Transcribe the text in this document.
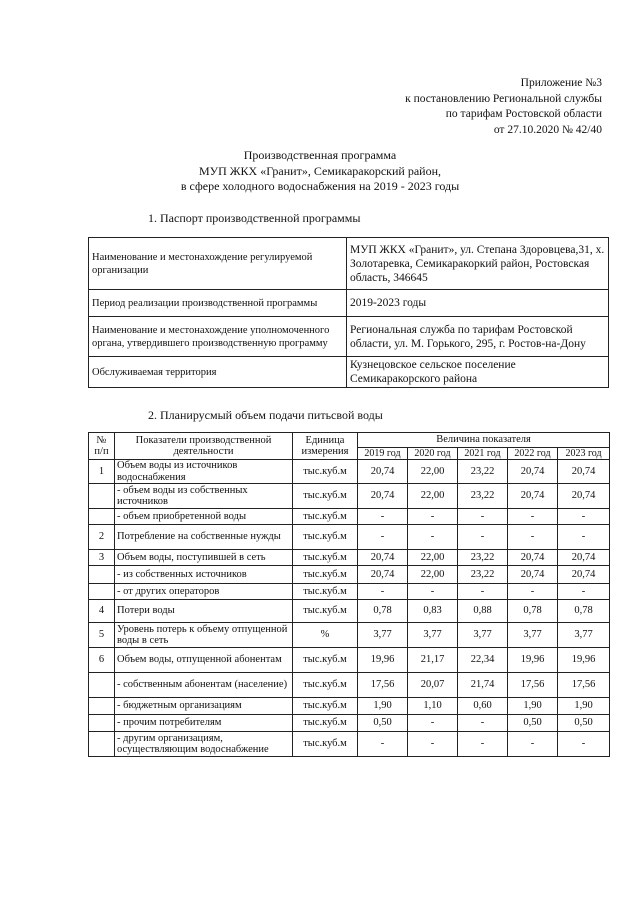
Приложение №3
к постановлению Региональной службы
по тарифам Ростовской области
от 27.10.2020 № 42/40
Производственная программа
МУП ЖКХ «Гранит», Семикаракорский район,
в сфере холодного водоснабжения на 2019 - 2023 годы
1. Паспорт производственной программы
Наименование и местонахождение регулируемой организации	МУП ЖКХ «Гранит», ул. Степана Здоровцева,31, х. Золотаревка, Семикаракоркий район, Ростовская область, 346645
Период реализации производственной программы	2019-2023 годы
Наименование и местонахождение уполномоченного органа, утвердившего производственную программу	Региональная служба по тарифам Ростовской области, ул. М. Горького, 295, г. Ростов-на-Дону
Обслуживаемая территория	Кузнецовское сельское поселение Семикаракорского района
2. Планирусмый объем подачи питьсвой воды
№ п/п	Показатели производственной деятельности	Единица измерения	Величина показателя				
			2019 год	2020 год	2021 год	2022 год	2023 год
1	Объем воды из источников водоснабжения	тыс.куб.м	20,74	22,00	23,22	20,74	20,74
	- объем воды из собственных источников	тыс.куб.м	20,74	22,00	23,22	20,74	20,74
	- объем приобретенной воды	тыс.куб.м	-	-	-	-	-
2	Потребление на собственные нужды	тыс.куб.м	-	-	-	-	-
3	Объем воды, поступившей в сеть	тыс.куб.м	20,74	22,00	23,22	20,74	20,74
	- из собственных источников	тыс.куб.м	20,74	22,00	23,22	20,74	20,74
	- от других операторов	тыс.куб.м	-	-	-	-	-
4	Потери воды	тыс.куб.м	0,78	0,83	0,88	0,78	0,78
5	Уровень потерь к объему отпущенной воды в сеть	%	3,77	3,77	3,77	3,77	3,77
6	Объем воды, отпущенной абонентам	тыс.куб.м	19,96	21,17	22,34	19,96	19,96
	- собственным абонентам (население)	тыс.куб.м	17,56	20,07	21,74	17,56	17,56
	- бюджетным организациям	тыс.куб.м	1,90	1,10	0,60	1,90	1,90
	- прочим потребителям	тыс.куб.м	0,50	-	-	0,50	0,50
	- другим организациям, осуществляющим водоснабжение	тыс.куб.м	-	-	-	-	-
